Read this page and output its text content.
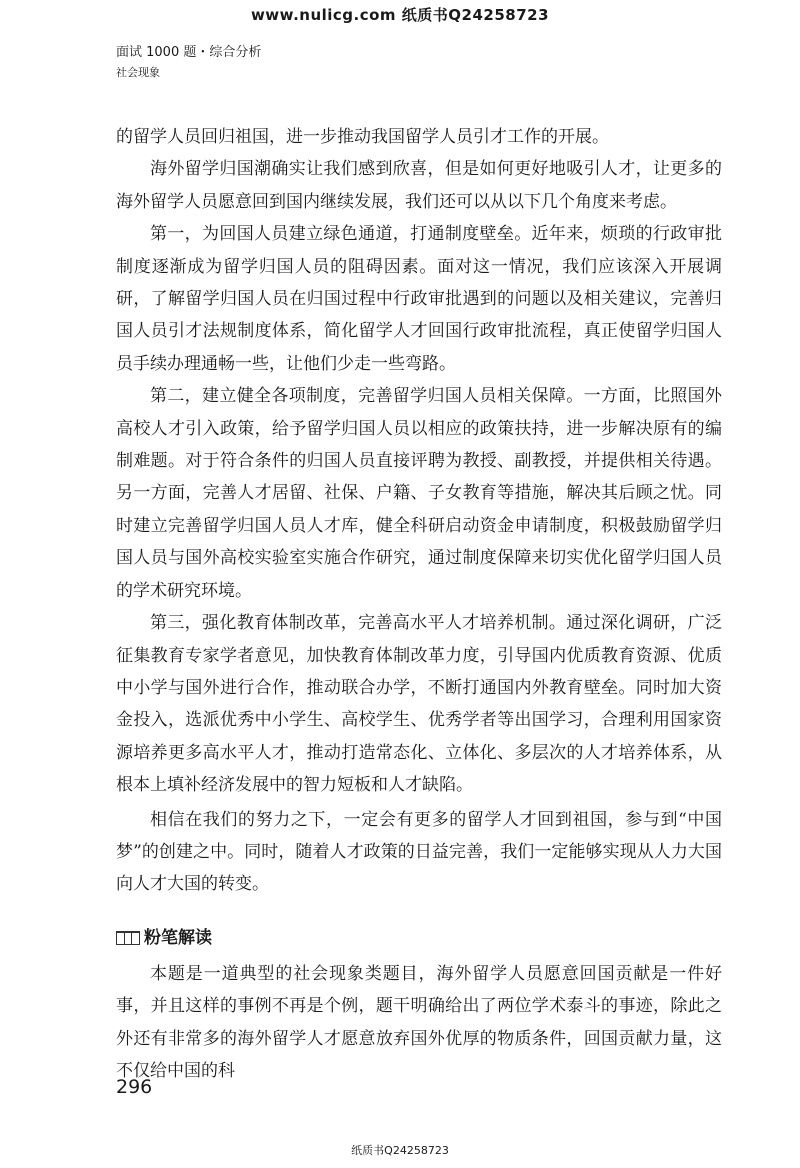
www.nulicg.com 纸质书Q24258723
面试 1000 题・综合分析
社会现象

的留学人员回归祖国，进一步推动我国留学人员引才工作的开展。

海外留学归国潮确实让我们感到欣喜，但是如何更好地吸引人才，让更多的海外留学人员愿意回到国内继续发展，我们还可以从以下几个角度来考虑。

第一，为回国人员建立绿色通道，打通制度壁垒。近年来，烦琐的行政审批制度逐渐成为留学归国人员的阻碍因素。面对这一情况，我们应该深入开展调研，了解留学归国人员在归国过程中行政审批遇到的问题以及相关建议，完善归国人员引才法规制度体系，简化留学人才回国行政审批流程，真正使留学归国人员手续办理通畅一些，让他们少走一些弯路。

第二，建立健全各项制度，完善留学归国人员相关保障。一方面，比照国外高校人才引入政策，给予留学归国人员以相应的政策扶持，进一步解决原有的编制难题。对于符合条件的归国人员直接评聘为教授、副教授，并提供相关待遇。另一方面，完善人才居留、社保、户籍、子女教育等措施，解决其后顾之忧。同时建立完善留学归国人员人才库，健全科研启动资金申请制度，积极鼓励留学归国人员与国外高校实验室实施合作研究，通过制度保障来切实优化留学归国人员的学术研究环境。

第三，强化教育体制改革，完善高水平人才培养机制。通过深化调研，广泛征集教育专家学者意见，加快教育体制改革力度，引导国内优质教育资源、优质中小学与国外进行合作，推动联合办学，不断打通国内外教育壁垒。同时加大资金投入，选派优秀中小学生、高校学生、优秀学者等出国学习，合理利用国家资源培养更多高水平人才，推动打造常态化、立体化、多层次的人才培养体系，从根本上填补经济发展中的智力短板和人才缺陷。

相信在我们的努力之下，一定会有更多的留学人才回到祖国，参与到“中国梦”的创建之中。同时，随着人才政策的日益完善，我们一定能够实现从人力大国向人才大国的转变。

粉笔解读

本题是一道典型的社会现象类题目，海外留学人员愿意回国贡献是一件好事，并且这样的事例不再是个例，题干明确给出了两位学术泰斗的事迹，除此之外还有非常多的海外留学人才愿意放弃国外优厚的物质条件，回国贡献力量，这不仅给中国的科

296
纸质书Q24258723
